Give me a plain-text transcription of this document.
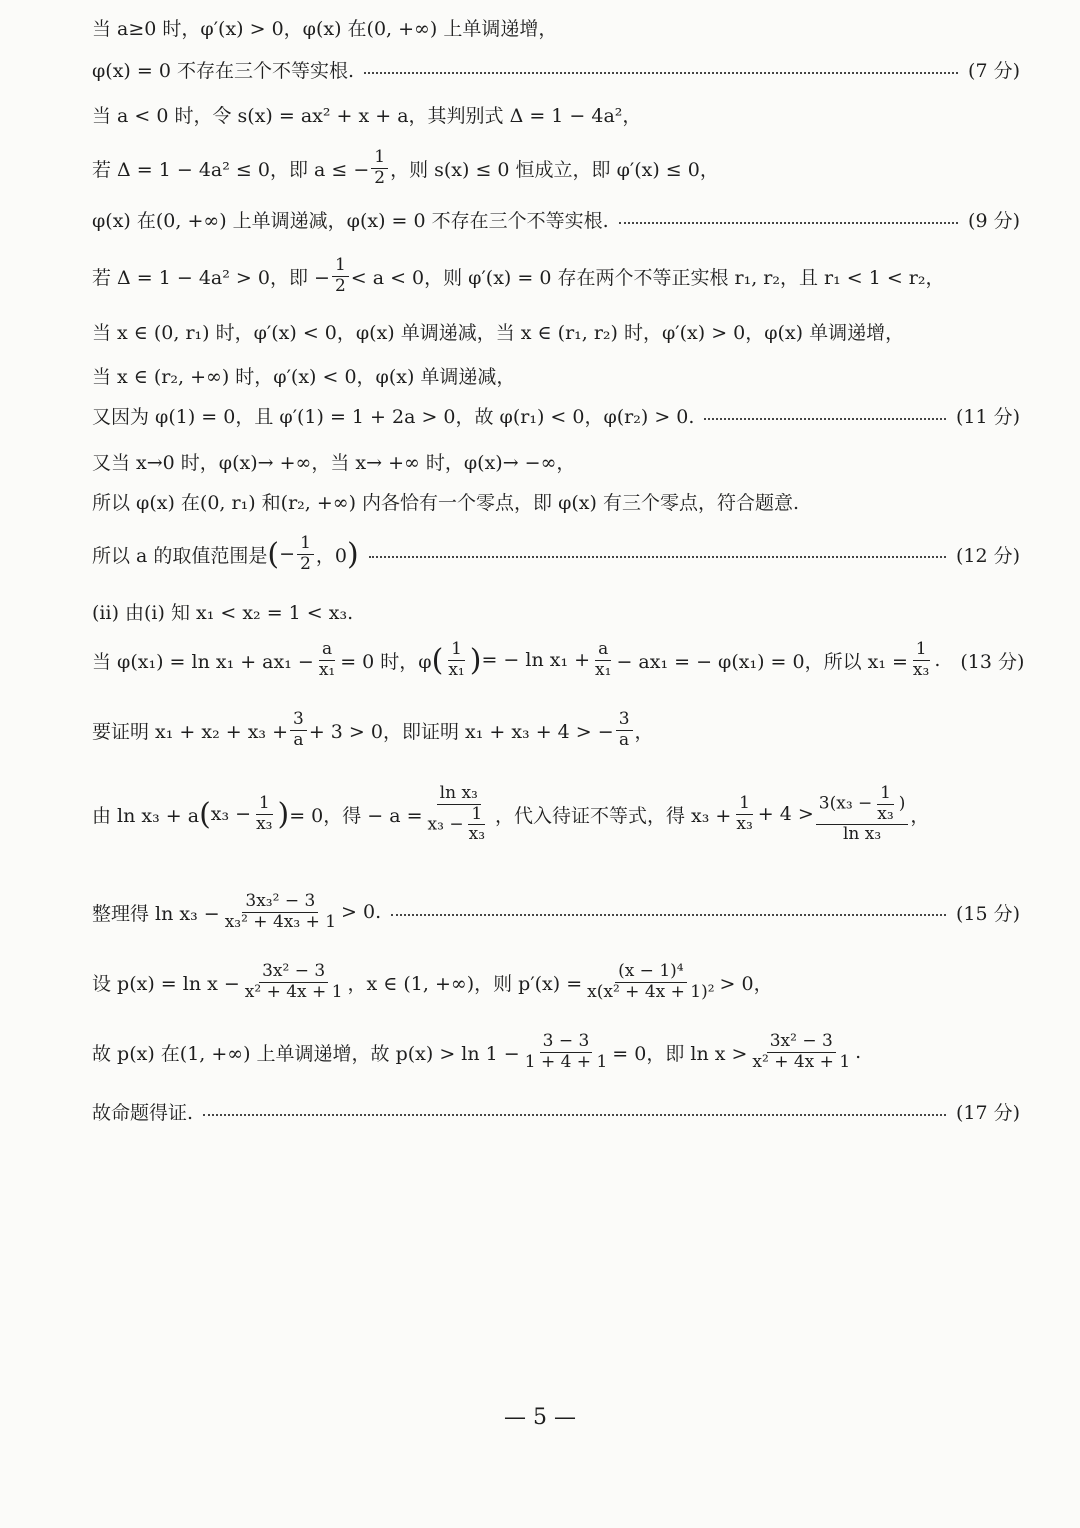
当 a≥0 时，φ′(x) > 0，φ(x) 在(0, +∞) 上单调递增，
φ(x) = 0 不存在三个不等实根.	(7 分)
当 a < 0 时，令 s(x) = ax² + x + a，其判别式 Δ = 1 − 4a²，
若 Δ = 1 − 4a² ≤ 0，即 a ≤ − $\frac{1}{2}$ ，则 s(x) ≤ 0 恒成立，即 φ′(x) ≤ 0，
φ(x) 在(0, +∞) 上单调递减，φ(x) = 0 不存在三个不等实根.	(9 分)
若 Δ = 1 − 4a² > 0，即 − $\frac{1}{2} < a < 0$，则 φ′(x) = 0 存在两个不等正实根 r₁, r₂，且 r₁ < 1 < r₂，
当 x ∈ (0, r₁) 时，φ′(x) < 0，φ(x) 单调递减，当 x ∈ (r₁, r₂) 时，φ′(x) > 0，φ(x) 单调递增，
当 x ∈ (r₂, +∞) 时，φ′(x) < 0，φ(x) 单调递减，
又因为 φ(1) = 0，且 φ′(1) = 1 + 2a > 0，故 φ(r₁) < 0，φ(r₂) > 0.	(11 分)
又当 x→0 时，φ(x)→ +∞，当 x→ +∞ 时，φ(x)→ −∞，
所以 φ(x) 在(0, r₁) 和(r₂, +∞) 内各恰有一个零点，即 φ(x) 有三个零点，符合题意.
所以 a 的取值范围是 ( − $\frac{1}{2}$ ，0 )	(12 分)
(ⅱ) 由(ⅰ) 知 x₁ < x₂ = 1 < x₃.
当 $\varphi(x_1) = \ln x_1 + ax_1 - \frac{a}{\text{x₁}} = 0$ 时，φ ( $\frac{1}{\text{x₁}}$ ) = − $\ln x_1 + \frac{a}{\text{x₁}} - ax_1$ = − φ(x₁) = 0，所以 $x_1 = \frac{1}{\text{x₃}}$ . (13 分)
要证明 $x_1 + x_2 + x_3 + \frac{3}{a} + 3 > 0$，即证明 x₁ + x₃ + 4 > − $\frac{3}{a}$ ，
由 ln x₃ + a ( $x_3 - \frac{1}{\text{x₃}}$ ) = 0，得 − $a = \frac{\text{ln x₃}}{x_3 - \frac{1}{\text{x₃}}}$ ，代入待证不等式，得 $x_3 + \frac{1}{\text{x₃}} + 4 > \frac{3(x_3 - \frac{1}{\text{x₃}} )}{\text{ln x₃}}$ ，
整理得 $\ln x_3 - \frac{\text{3x₃² − 3}}{\text{x₃² + 4x₃ + 1}} > 0$.	(15 分)
设 $p(x) = \ln x - \frac{\text{3x² − 3}}{\text{x² + 4x + 1}}$ ，x ∈ (1, +∞)，则 $p'(x) = \frac{\text{(x − 1)⁴}}{\text{x(x² + 4x + 1)²}} > 0$，
故 p(x) 在(1, +∞) 上单调递增，故 $p(x) > \ln 1 - \frac{3 - 3}{1 + 4 + 1} = 0$，即 $\ln x > \frac{\text{3x² − 3}}{\text{x² + 4x + 1}}$ .
故命题得证.	(17 分)
— 5 —
